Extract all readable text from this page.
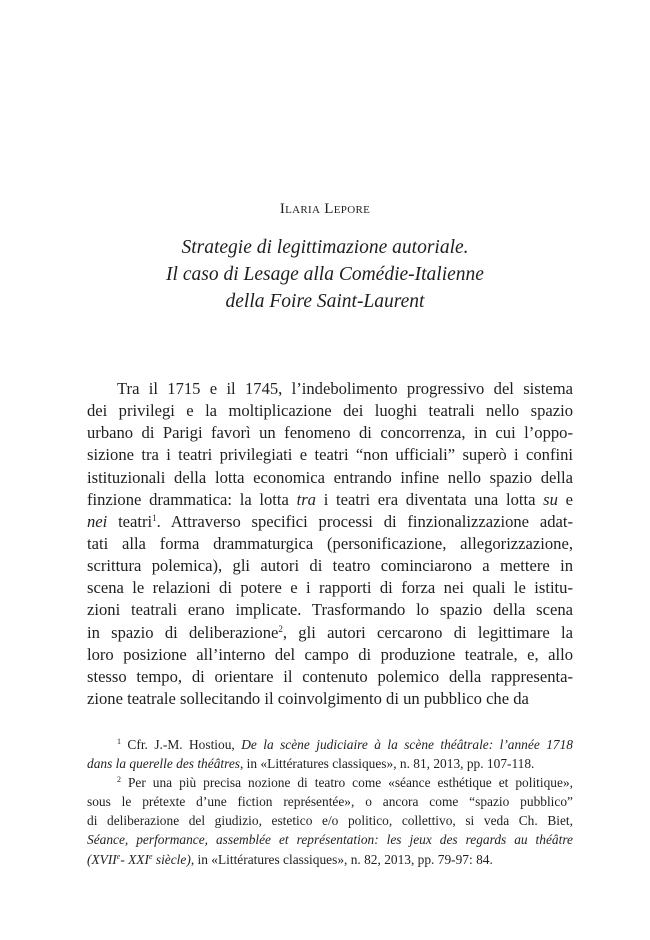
Ilaria Lepore
Strategie di legittimazione autoriale.
Il caso di Lesage alla Comédie-Italienne
della Foire Saint-Laurent
Tra il 1715 e il 1745, l’indebolimento progressivo del sistema
dei privilegi e la moltiplicazione dei luoghi teatrali nello spazio
urbano di Parigi favorì un fenomeno di concorrenza, in cui l’oppo-
sizione tra i teatri privilegiati e teatri “non ufficiali” superò i confini
istituzionali della lotta economica entrando infine nello spazio della
finzione drammatica: la lotta tra i teatri era diventata una lotta su e
nei teatri$^1$. Attraverso specifici processi di finzionalizzazione adat-
tati alla forma drammaturgica (personificazione, allegorizzazione,
scrittura polemica), gli autori di teatro cominciarono a mettere in
scena le relazioni di potere e i rapporti di forza nei quali le istitu-
zioni teatrali erano implicate. Trasformando lo spazio della scena
in spazio di deliberazione$^2$, gli autori cercarono di legittimare la
loro posizione all’interno del campo di produzione teatrale, e, allo
stesso tempo, di orientare il contenuto polemico della rappresenta-
zione teatrale sollecitando il coinvolgimento di un pubblico che da
$^1$ Cfr. J.-M. Hostiou, De la scène judiciaire à la scène théâtrale: l’année 1718
dans la querelle des théâtres, in «Littératures classiques», n. 81, 2013, pp. 107-118.
$^2$ Per una più precisa nozione di teatro come «séance esthétique et politique»,
sous le prétexte d’une fiction représentée», o ancora come “spazio pubblico”
di deliberazione del giudizio, estetico e/o politico, collettivo, si veda Ch. Biet,
Séance, performance, assemblée et représentation: les jeux des regards au théâtre
(XVIIe- XXIe siècle), in «Littératures classiques», n. 82, 2013, pp. 79-97: 84.
